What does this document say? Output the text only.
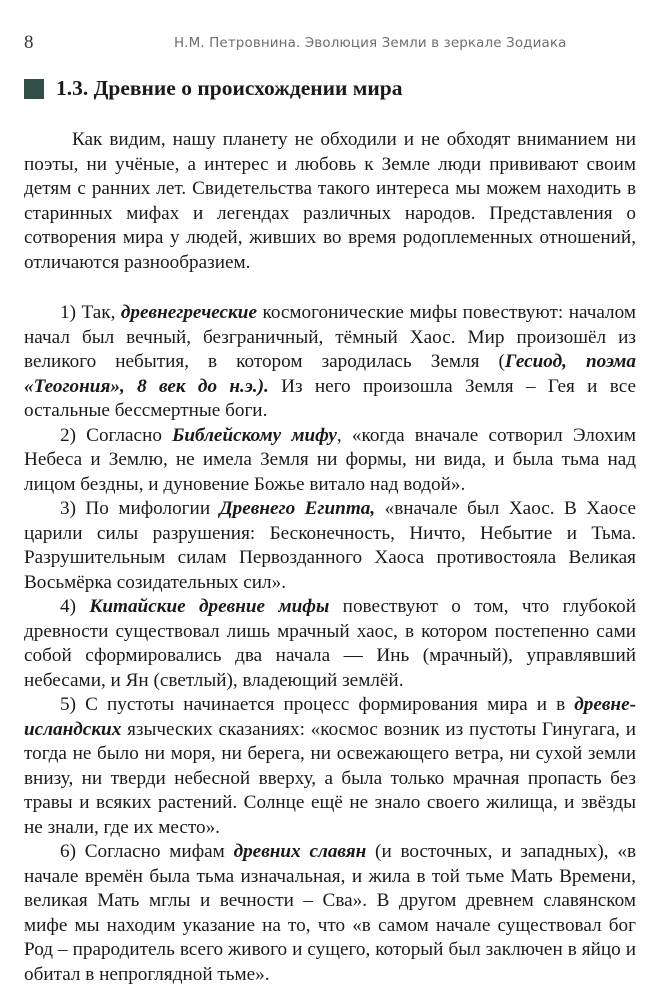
8	Н.М. Петровнина. Эволюция Земли в зеркале Зодиака
1.3. Древние о происхождении мира

Как видим, нашу планету не обходили и не обходят вниманием ни поэты, ни учёные, а интерес и любовь к Земле люди прививают своим детям с ранних лет. Свидетельства такого интереса мы можем находить в старинных мифах и легендах различных народов. Представления о сотворения мира у людей, живших во время родоплеменных отношений, отличаются разнообразием.

1) Так, древнегреческие космогонические мифы повествуют: началом начал был вечный, безграничный, тёмный Хаос. Мир произошёл из великого небытия, в котором зародилась Земля (Гесиод, поэма «Теогония», 8 век до н.э.). Из него произошла Земля – Гея и все остальные бессмертные боги.

2) Согласно Библейскому мифу, «когда вначале сотворил Элохим Небеса и Землю, не имела Земля ни формы, ни вида, и была тьма над лицом бездны, и дуновение Божье витало над водой».

3) По мифологии Древнего Египта, «вначале был Хаос. В Хаосе царили силы разрушения: Бесконечность, Ничто, Небытие и Тьма. Разрушительным силам Первозданного Хаоса противостояла Великая Восьмёрка созидательных сил».

4) Китайские древние мифы повествуют о том, что глубокой древности существовал лишь мрачный хаос, в котором постепенно сами собой сформировались два начала — Инь (мрачный), управлявший небесами, и Ян (светлый), владеющий землёй.

5) С пустоты начинается процесс формирования мира и в древне-исландских языческих сказаниях: «космос возник из пустоты Гинугага, и тогда не было ни моря, ни берега, ни освежающего ветра, ни сухой земли внизу, ни тверди небесной вверху, а была только мрачная пропасть без травы и всяких растений. Солнце ещё не знало своего жилища, и звёзды не знали, где их место».

6) Согласно мифам древних славян (и восточных, и западных), «в начале времён была тьма изначальная, и жила в той тьме Мать Времени, великая Мать мглы и вечности – Сва». В другом древнем славянском мифе мы находим указание на то, что «в самом начале существовал бог Род – прародитель всего живого и сущего, который был заключен в яйцо и обитал в непроглядной тьме».
